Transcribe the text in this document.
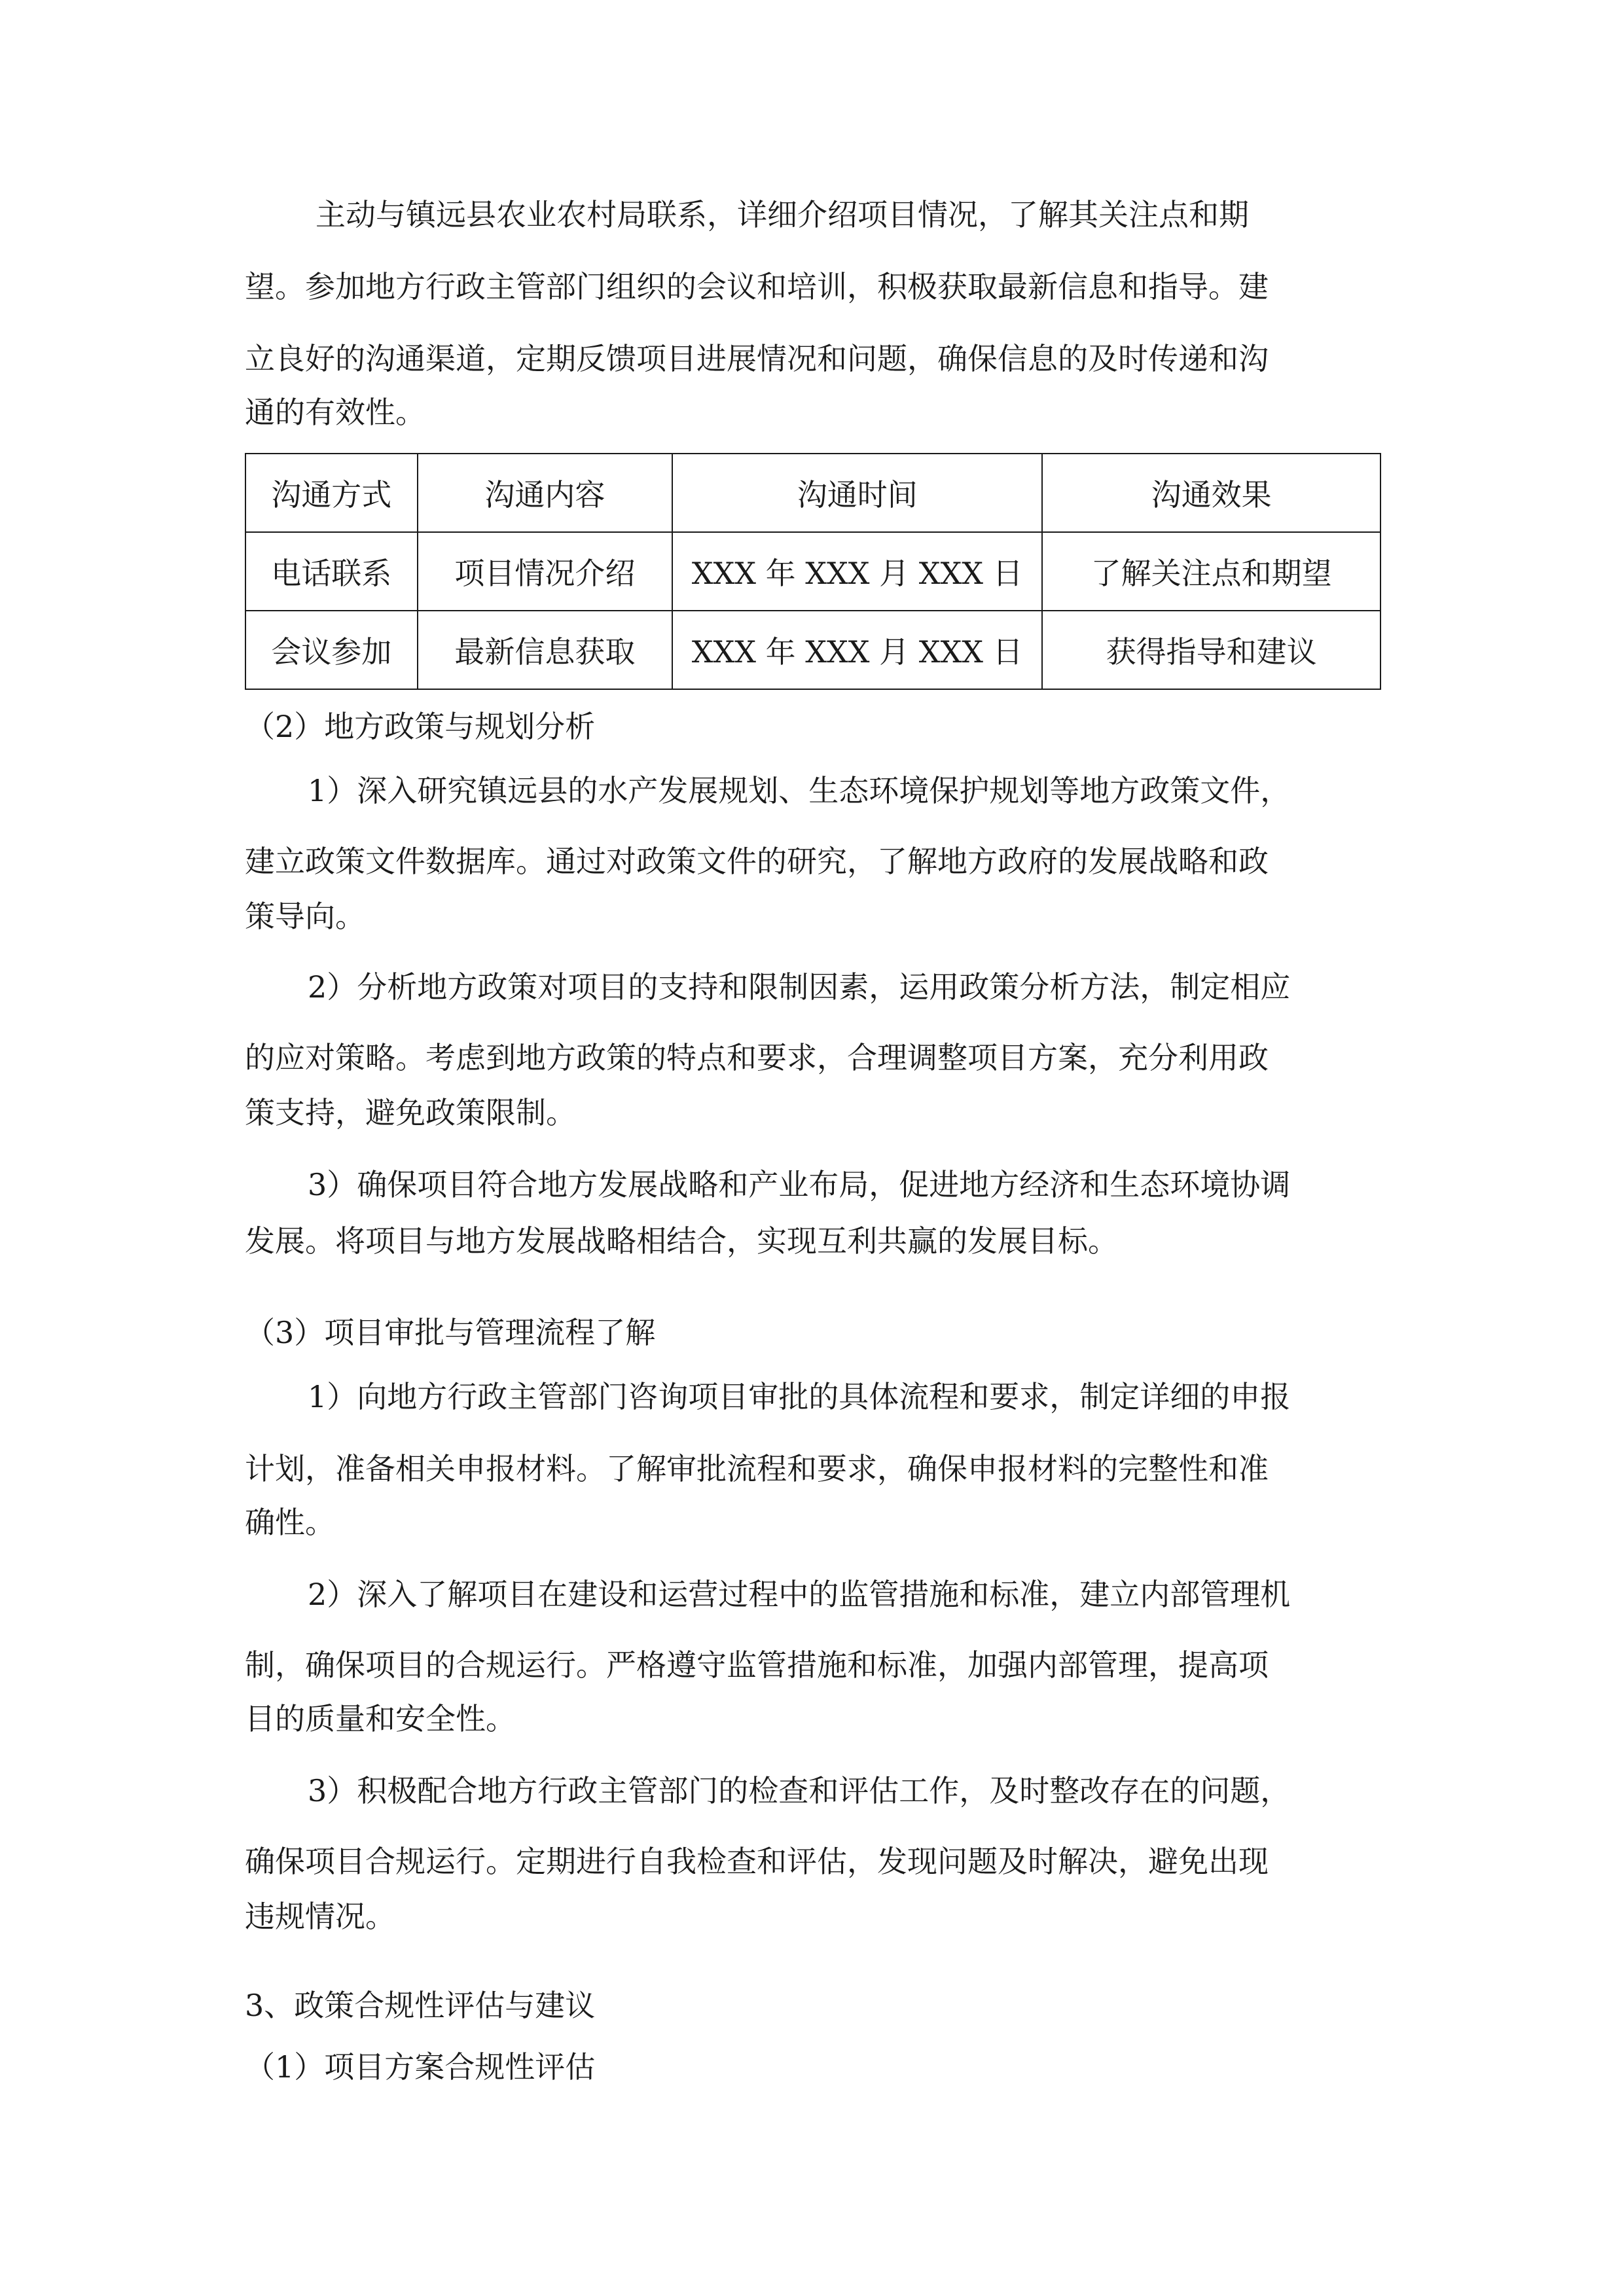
主动与镇远县农业农村局联系，详细介绍项目情况，了解其关注点和期
望。参加地方行政主管部门组织的会议和培训，积极获取最新信息和指导。建
立良好的沟通渠道，定期反馈项目进展情况和问题，确保信息的及时传递和沟
通的有效性。
沟通方式	沟通内容	沟通时间	沟通效果
电话联系	项目情况介绍	XXX 年 XXX 月 XXX 日	了解关注点和期望
会议参加	最新信息获取	XXX 年 XXX 月 XXX 日	获得指导和建议
（2）地方政策与规划分析
1）深入研究镇远县的水产发展规划、生态环境保护规划等地方政策文件，
建立政策文件数据库。通过对政策文件的研究，了解地方政府的发展战略和政
策导向。
2）分析地方政策对项目的支持和限制因素，运用政策分析方法，制定相应
的应对策略。考虑到地方政策的特点和要求，合理调整项目方案，充分利用政
策支持，避免政策限制。
3）确保项目符合地方发展战略和产业布局，促进地方经济和生态环境协调
发展。将项目与地方发展战略相结合，实现互利共赢的发展目标。
（3）项目审批与管理流程了解
1）向地方行政主管部门咨询项目审批的具体流程和要求，制定详细的申报
计划，准备相关申报材料。了解审批流程和要求，确保申报材料的完整性和准
确性。
2）深入了解项目在建设和运营过程中的监管措施和标准，建立内部管理机
制，确保项目的合规运行。严格遵守监管措施和标准，加强内部管理，提高项
目的质量和安全性。
3）积极配合地方行政主管部门的检查和评估工作，及时整改存在的问题，
确保项目合规运行。定期进行自我检查和评估，发现问题及时解决，避免出现
违规情况。
3、政策合规性评估与建议
（1）项目方案合规性评估
